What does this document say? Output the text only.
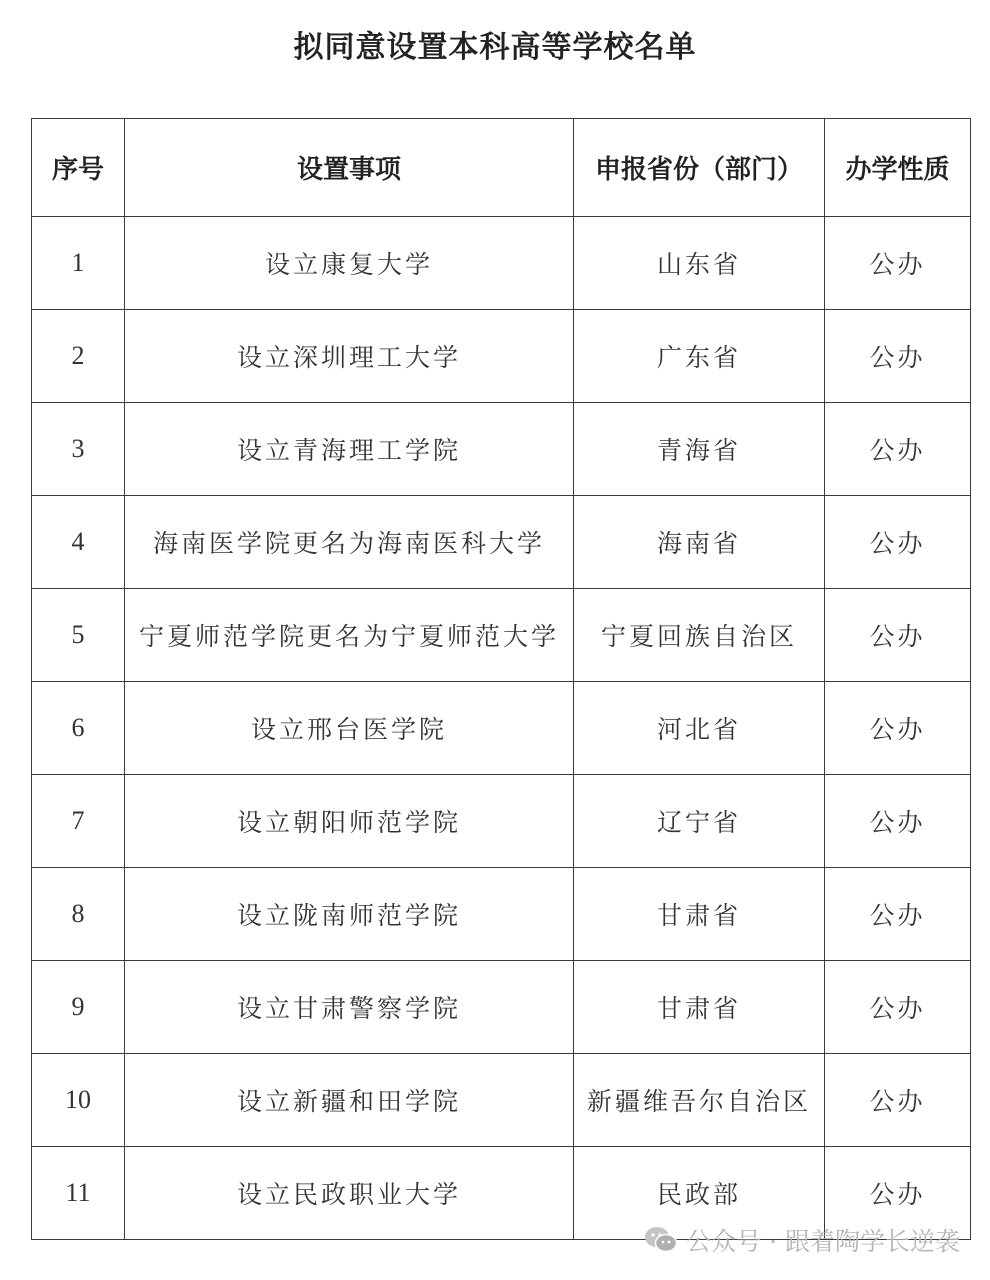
拟同意设置本科高等学校名单
序号	设置事项	申报省份（部门）	办学性质
1	设立康复大学	山东省	公办
2	设立深圳理工大学	广东省	公办
3	设立青海理工学院	青海省	公办
4	海南医学院更名为海南医科大学	海南省	公办
5	宁夏师范学院更名为宁夏师范大学	宁夏回族自治区	公办
6	设立邢台医学院	河北省	公办
7	设立朝阳师范学院	辽宁省	公办
8	设立陇南师范学院	甘肃省	公办
9	设立甘肃警察学院	甘肃省	公办
10	设立新疆和田学院	新疆维吾尔自治区	公办
11	设立民政职业大学	民政部	公办
公众号 · 跟着陶学长逆袭
